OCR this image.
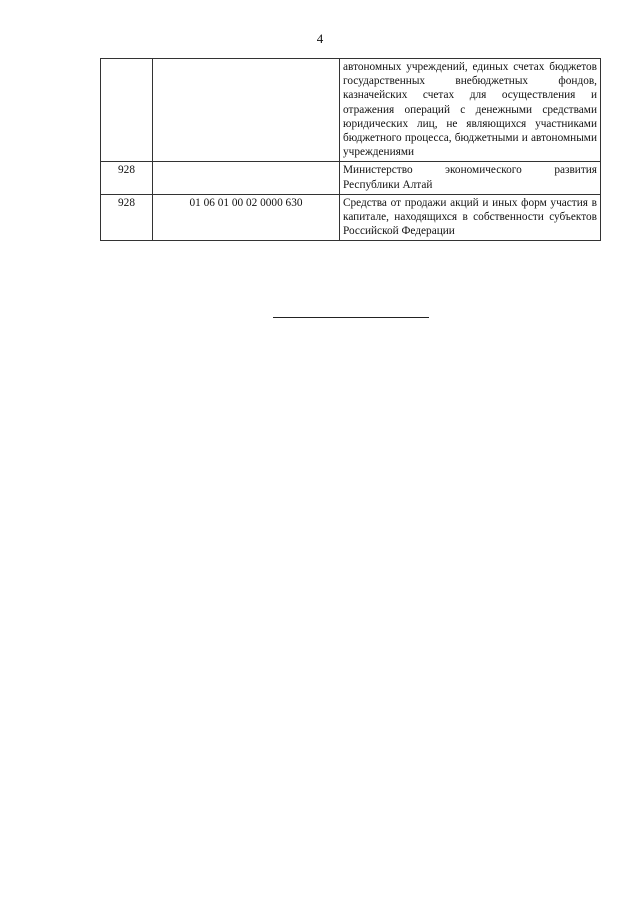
4
		автономных учреждений, единых счетах бюджетов государственных внебюджетных фондов, казначейских счетах для осуществления и отражения операций с денежными средствами юридических лиц, не являющихся участниками бюджетного процесса, бюджетными и автономными учреждениями
928		Министерство экономического развития Республики Алтай
928	01 06 01 00 02 0000 630	Средства от продажи акций и иных форм участия в капитале, находящихся в собственности субъектов Российской Федерации
